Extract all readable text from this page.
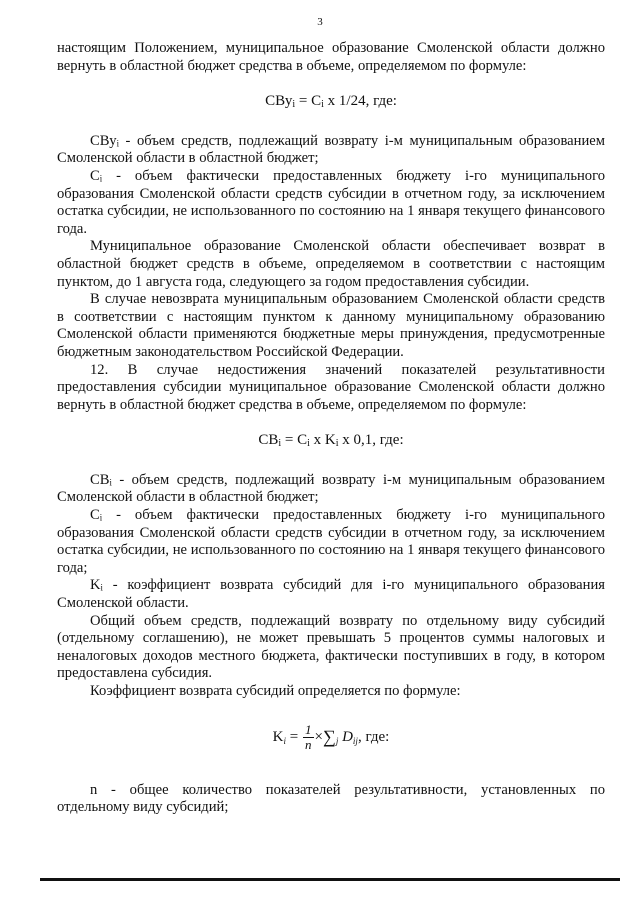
3

настоящим Положением, муниципальное образование Смоленской области должно вернуть в областной бюджет средства в объеме, определяемом по формуле:

$СВу_i = С_i$ х 1/24, где:

СВуᵢ - объем средств, подлежащий возврату i-м муниципальным образованием Смоленской области в областной бюджет;

Сᵢ - объем фактически предоставленных бюджету i-го муниципального образования Смоленской области средств субсидии в отчетном году, за исключением остатка субсидии, не использованного по состоянию на 1 января текущего финансового года.

Муниципальное образование Смоленской области обеспечивает возврат в областной бюджет средств в объеме, определяемом в соответствии с настоящим пунктом, до 1 августа года, следующего за годом предоставления субсидии.

В случае невозврата муниципальным образованием Смоленской области средств в соответствии с настоящим пунктом к данному муниципальному образованию Смоленской области применяются бюджетные меры принуждения, предусмотренные бюджетным законодательством Российской Федерации.

12. В случае недостижения значений показателей результативности предоставления субсидии муниципальное образование Смоленской области должно вернуть в областной бюджет средства в объеме, определяемом по формуле:

$СВ_i = С_i$ х $K_i$ х 0,1, где:

СВᵢ - объем средств, подлежащий возврату i-м муниципальным образованием Смоленской области в областной бюджет;

Сᵢ - объем фактически предоставленных бюджету i-го муниципального образования Смоленской области средств субсидии в отчетном году, за исключением остатка субсидии, не использованного по состоянию на 1 января текущего финансового года;

Kᵢ - коэффициент возврата субсидий для i-го муниципального образования Смоленской области.

Общий объем средств, подлежащий возврату по отдельному виду субсидий (отдельному соглашению), не может превышать 5 процентов суммы налоговых и неналоговых доходов местного бюджета, фактически поступивших в году, в котором предоставлена субсидия.

Коэффициент возврата субсидий определяется по формуле:

$K_i = \frac{1}{n} \times\sum_j$ $D_{ij}$, где:

n - общее количество показателей результативности, установленных по отдельному виду субсидий;
